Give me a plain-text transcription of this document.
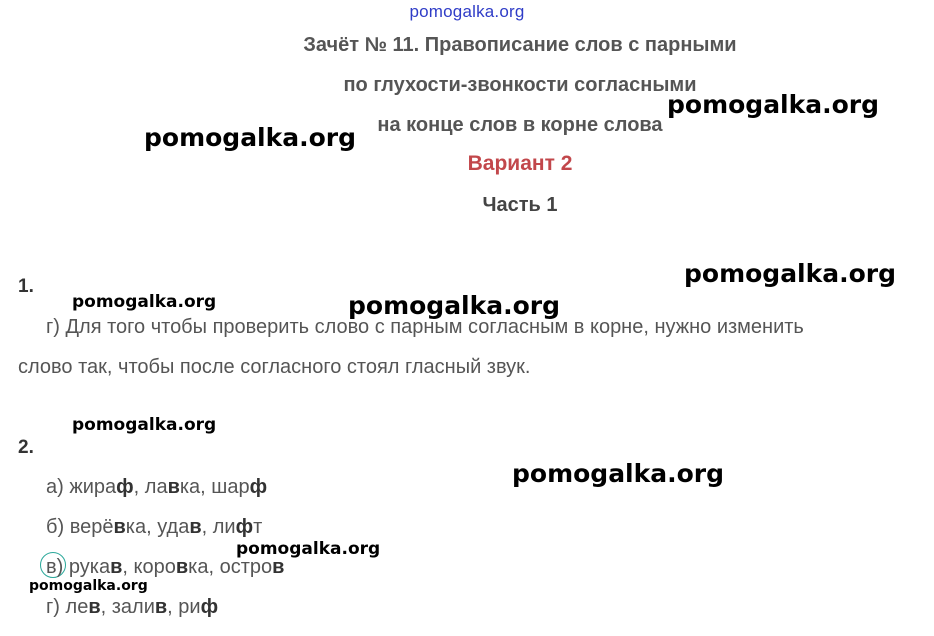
pomogalka.org
Зачёт № 11. Правописание слов с парными
по глухости-звонкости согласными
на конце слов в корне слова
Вариант 2
Часть 1
1.
г) Для того чтобы проверить слово с парным согласным в корне, нужно изменить
слово так, чтобы после согласного стоял гласный звук.
2.
а) жираф, лавка, шарф
б) верёвка, удав, лифт
в) рукав, коровка, остров
г) лев, залив, риф
pomogalka.org
pomogalka.org
pomogalka.org
pomogalka.org	pomogalka.org
pomogalka.org
pomogalka.org
pomogalka.org
pomogalka.org
